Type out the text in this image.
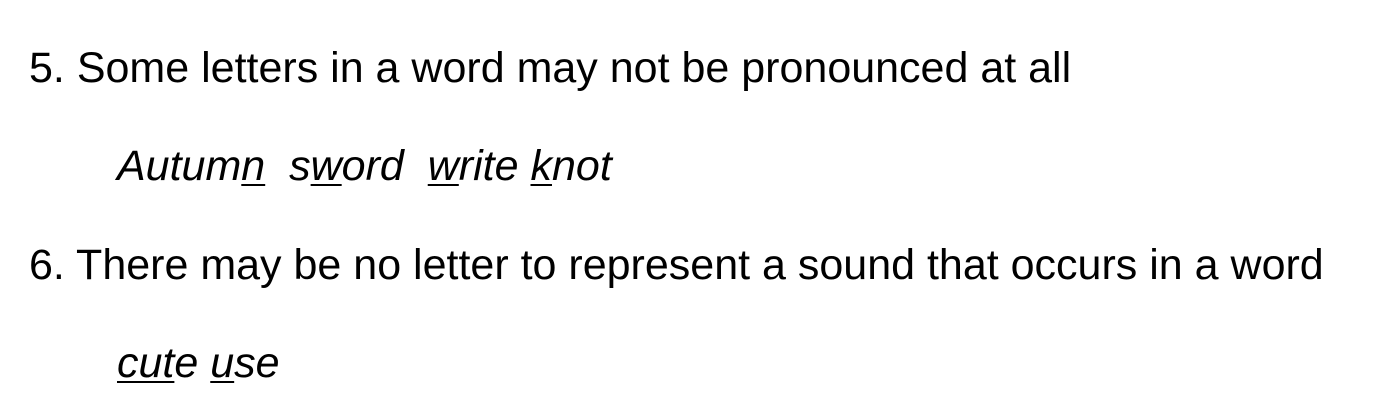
5. Some letters in a word may not be pronounced at all
Autumn sword write knot
6. There may be no letter to represent a sound that occurs in a word
cute use
